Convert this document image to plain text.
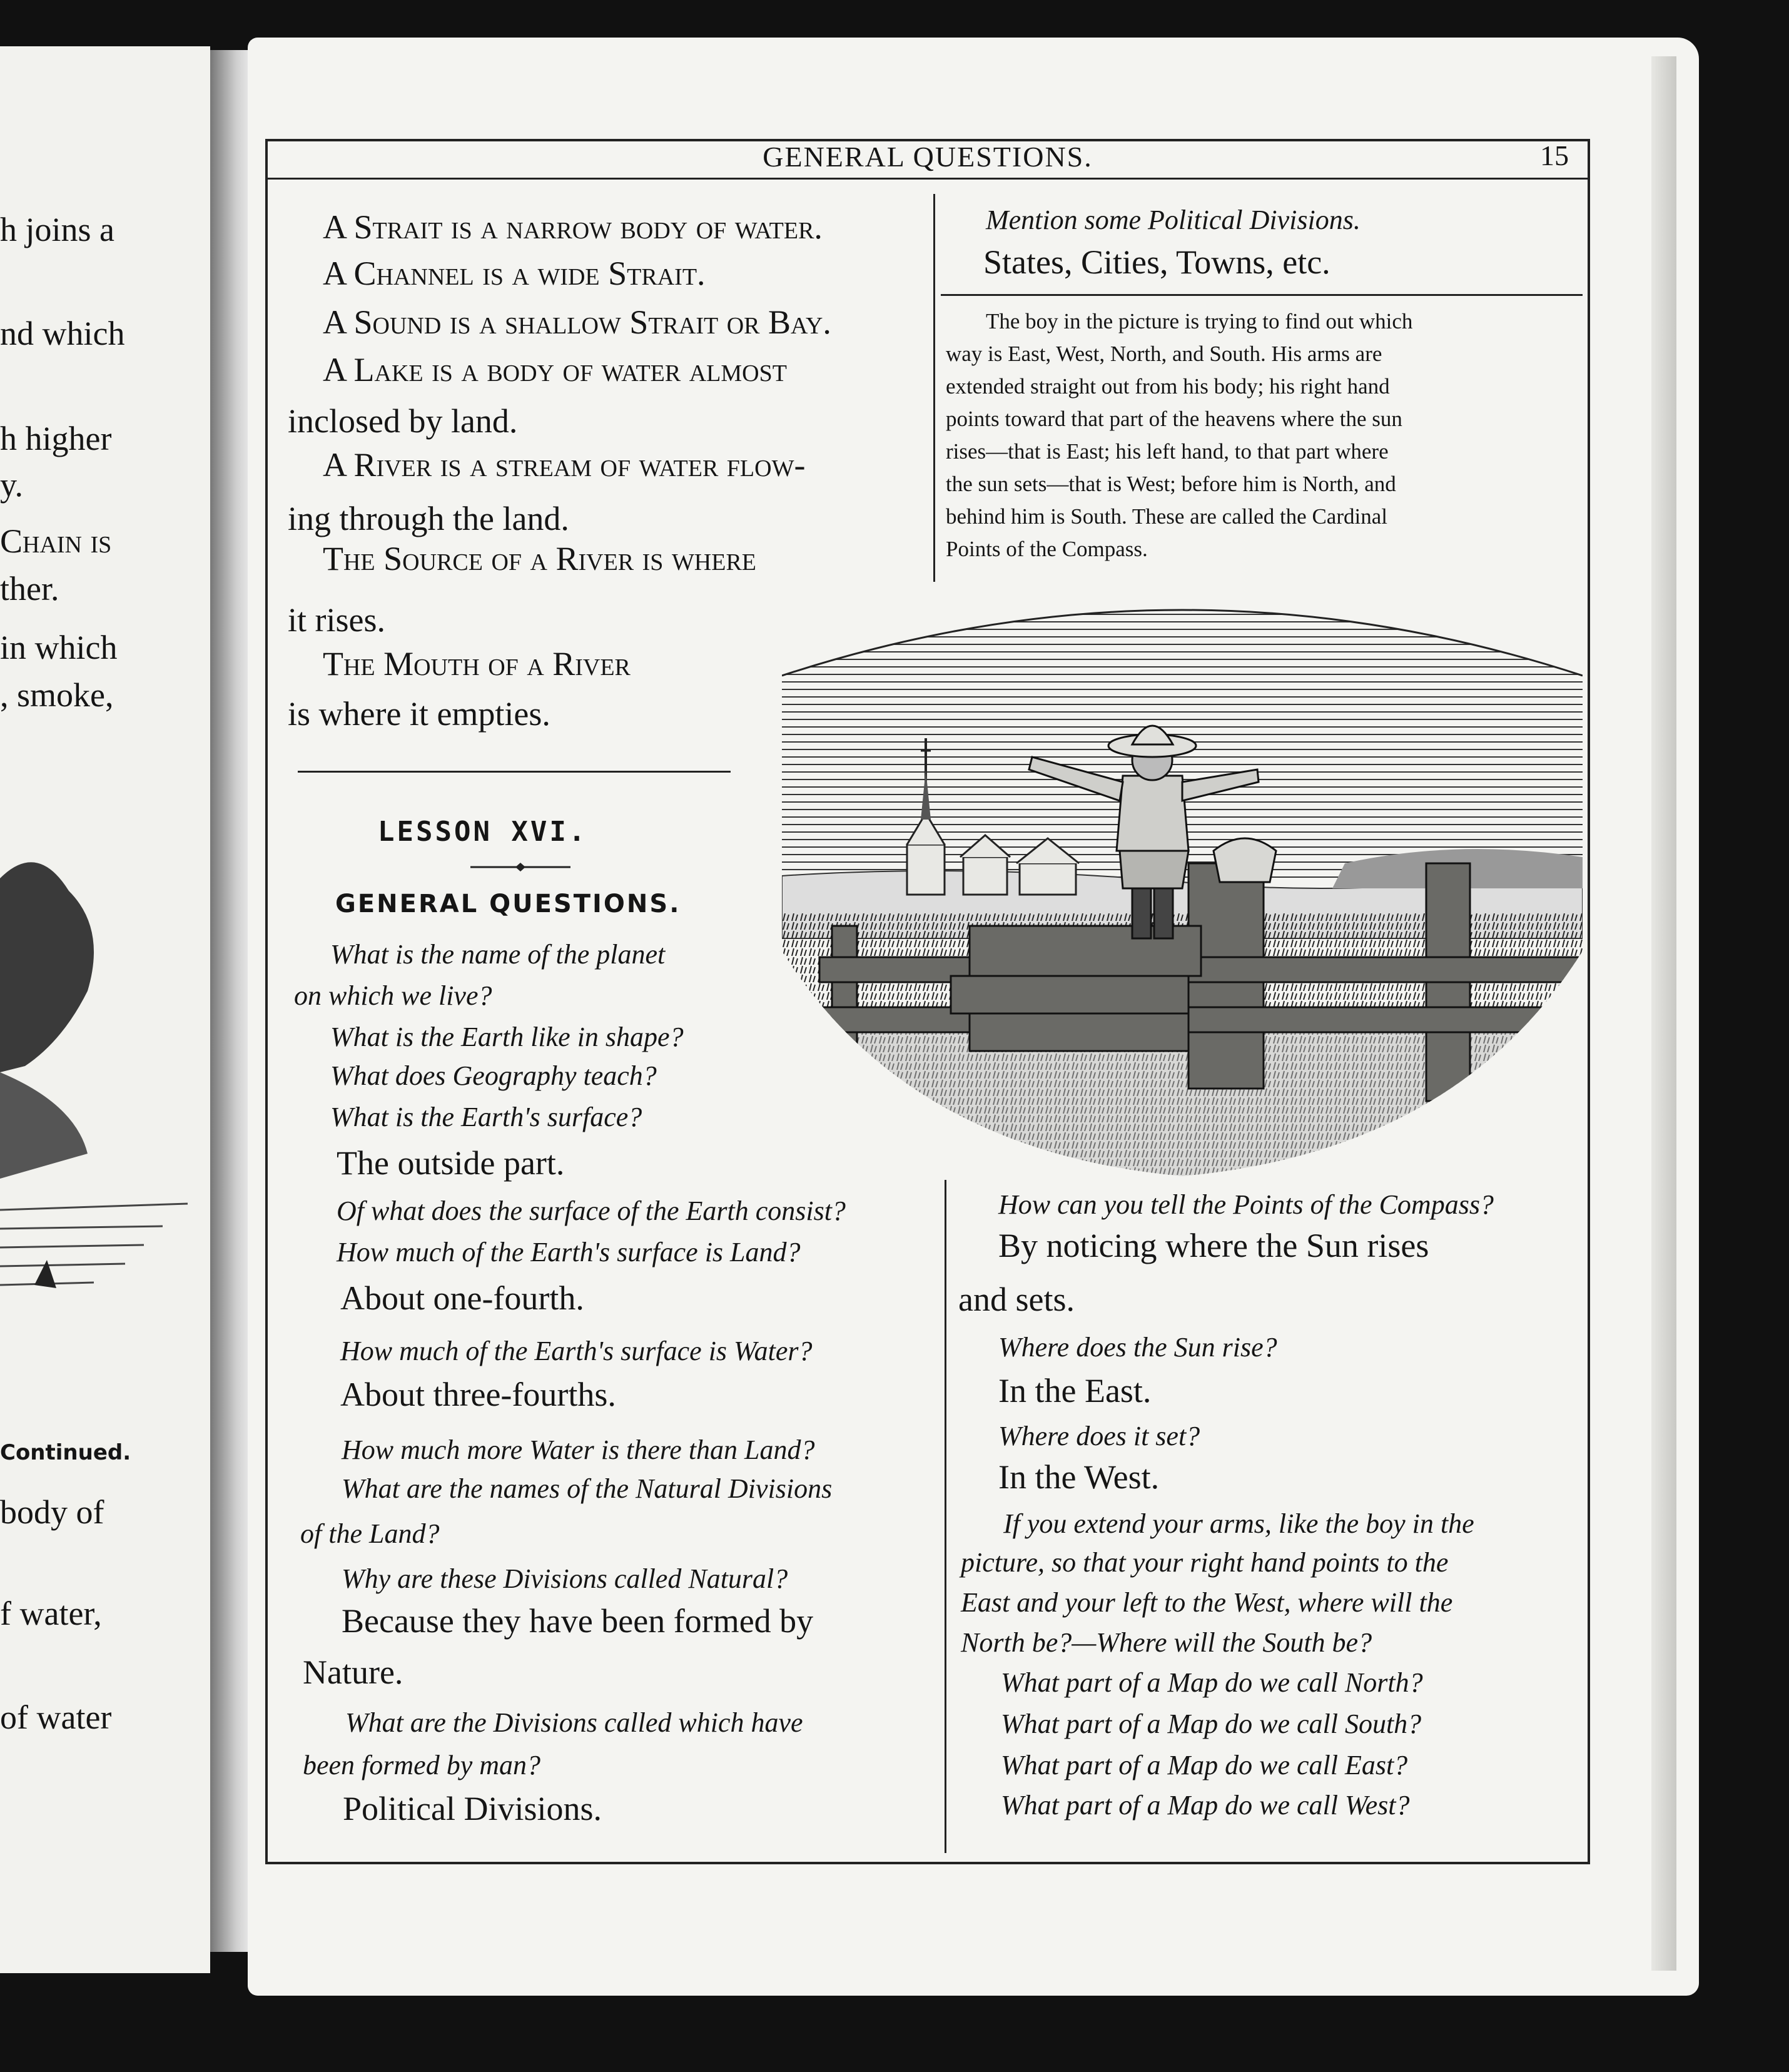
h joins a
nd which
h higher
y.
Chain is
ther.
in which
, smoke,
Continued.
body of
f water,
of water
GENERAL QUESTIONS.	15
A Strait is a narrow body of water.
A Channel is a wide Strait.
A Sound is a shallow Strait or Bay.
A Lake is a body of water almost
inclosed by land.
A River is a stream of water flow-
ing through the land.
The Source of a River is where
it rises.
The Mouth of a River
is where it empties.
Mention some Political Divisions.
States, Cities, Towns, etc.
The boy in the picture is trying to find out which
way is East, West, North, and South. His arms are
extended straight out from his body; his right hand
points toward that part of the heavens where the sun
rises—that is East; his left hand, to that part where
the sun sets—that is West; before him is North, and
behind him is South. These are called the Cardinal
Points of the Compass.
LESSON XVI.
GENERAL QUESTIONS.
What is the name of the planet
on which we live?
What is the Earth like in shape?
What does Geography teach?
What is the Earth's surface?
The outside part.
Of what does the surface of the Earth consist?
How much of the Earth's surface is Land?
About one-fourth.
How much of the Earth's surface is Water?
About three-fourths.
How much more Water is there than Land?
What are the names of the Natural Divisions
of the Land?
Why are these Divisions called Natural?
Because they have been formed by
Nature.
What are the Divisions called which have
been formed by man?
Political Divisions.
How can you tell the Points of the Compass?
By noticing where the Sun rises
and sets.
Where does the Sun rise?
In the East.
Where does it set?
In the West.
If you extend your arms, like the boy in the
picture, so that your right hand points to the
East and your left to the West, where will the
North be?—Where will the South be?
What part of a Map do we call North?
What part of a Map do we call South?
What part of a Map do we call East?
What part of a Map do we call West?
